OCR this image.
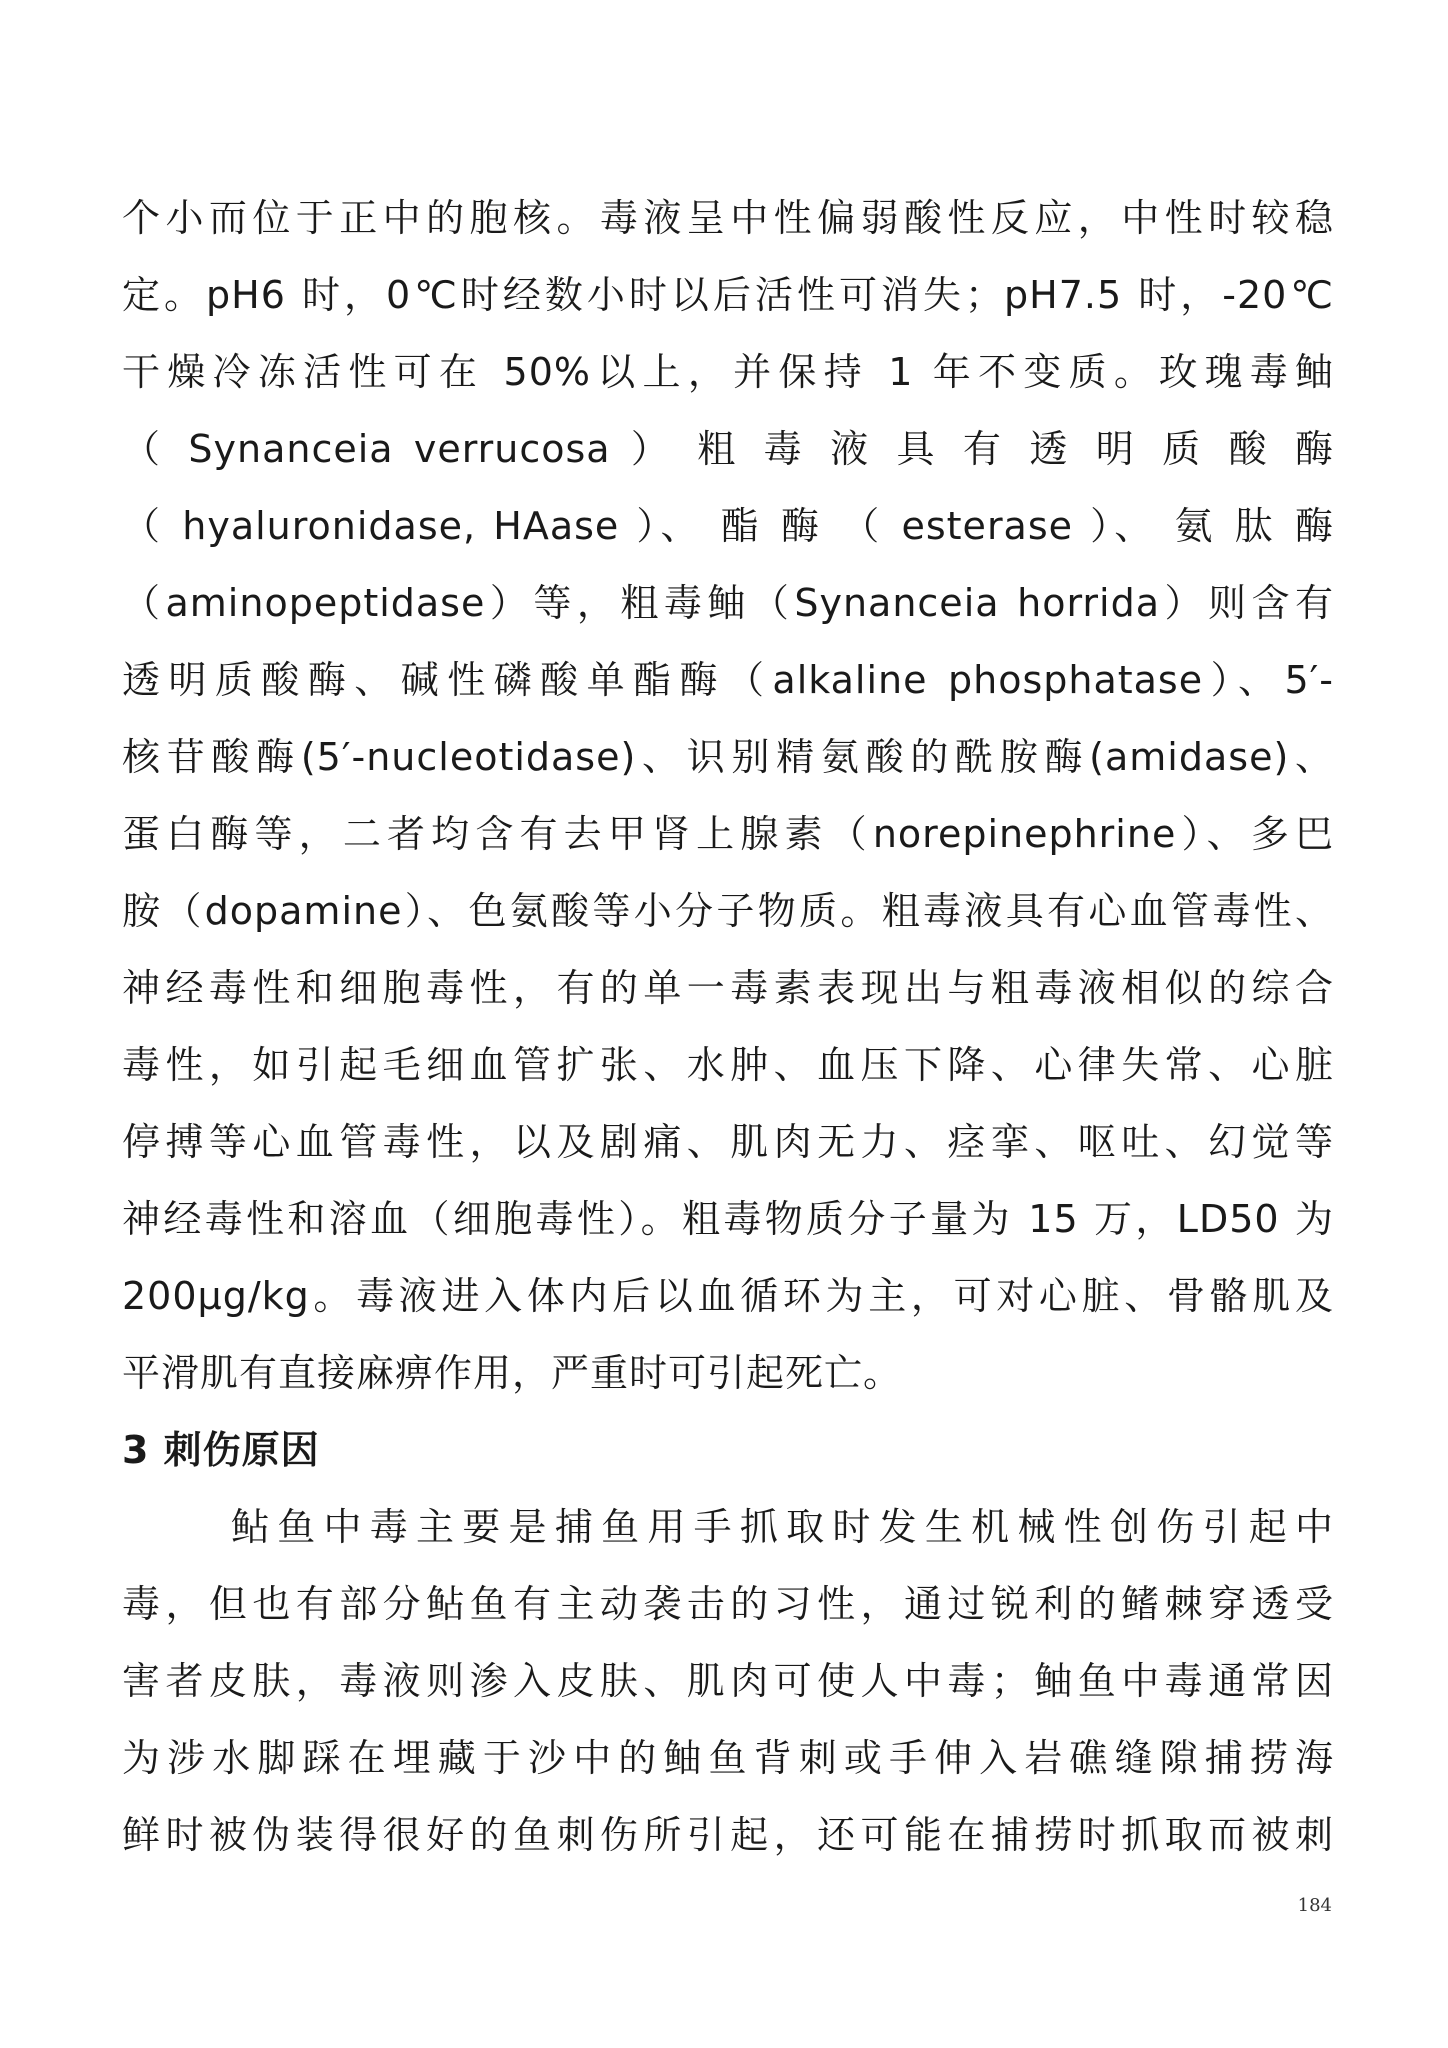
个小而位于正中的胞核。毒液呈中性偏弱酸性反应，中性时较稳
定。pH6 时，0℃时经数小时以后活性可消失；pH7.5 时，-20℃
干燥冷冻活性可在 50%以上，并保持 1 年不变质。玫瑰毒鲉
（ Synanceia verrucosa ） 粗 毒 液 具 有 透 明 质 酸 酶
（ hyaluronidase, HAase ）、 酯 酶 （ esterase ）、 氨 肽 酶
（aminopeptidase）等，粗毒鲉（Synanceia horrida）则含有
透明质酸酶、碱性磷酸单酯酶（alkaline phosphatase）、5′-
核苷酸酶(5′-nucleotidase)、识别精氨酸的酰胺酶(amidase)、
蛋白酶等，二者均含有去甲肾上腺素（norepinephrine）、多巴
胺（dopamine）、色氨酸等小分子物质。粗毒液具有心血管毒性、
神经毒性和细胞毒性，有的单一毒素表现出与粗毒液相似的综合
毒性，如引起毛细血管扩张、水肿、血压下降、心律失常、心脏
停搏等心血管毒性，以及剧痛、肌肉无力、痉挛、呕吐、幻觉等
神经毒性和溶血（细胞毒性）。粗毒物质分子量为 15 万，LD50 为
200μg/kg。毒液进入体内后以血循环为主，可对心脏、骨骼肌及
平滑肌有直接麻痹作用，严重时可引起死亡。
3 刺伤原因
鲇鱼中毒主要是捕鱼用手抓取时发生机械性创伤引起中
毒，但也有部分鲇鱼有主动袭击的习性，通过锐利的鳍棘穿透受
害者皮肤，毒液则渗入皮肤、肌肉可使人中毒；鲉鱼中毒通常因
为涉水脚踩在埋藏于沙中的鲉鱼背刺或手伸入岩礁缝隙捕捞海
鲜时被伪装得很好的鱼刺伤所引起，还可能在捕捞时抓取而被刺
184
